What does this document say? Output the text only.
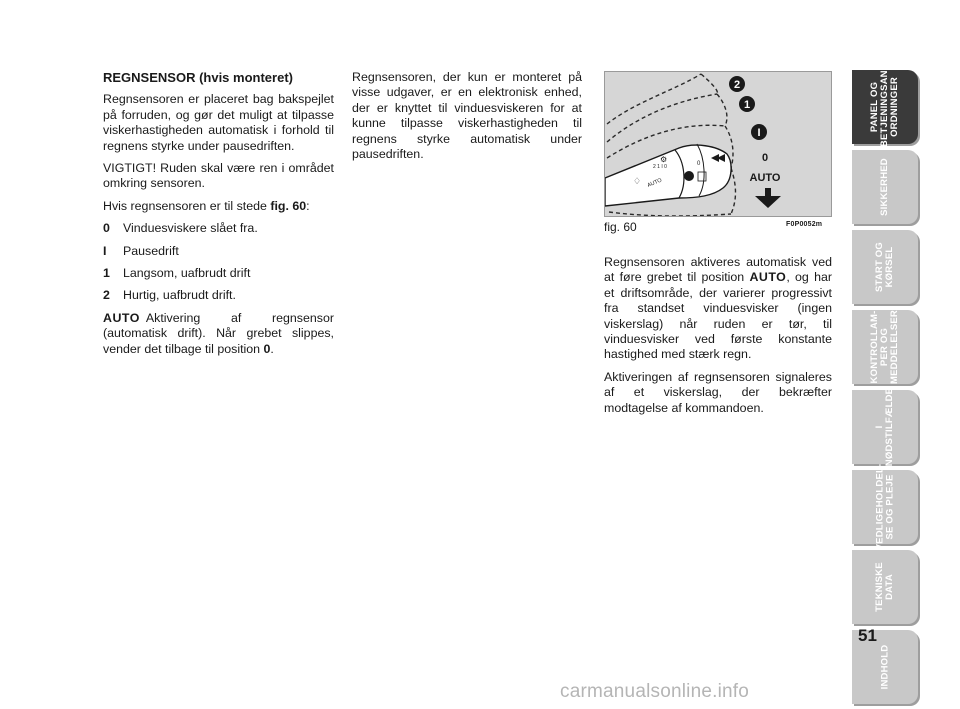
REGNSENSOR (hvis monteret)

Regnsensoren er placeret bag bakspejlet på forruden, og gør det muligt at tilpasse viskerhastigheden automatisk i forhold til regnens styrke under pausedriften.

VIGTIGT! Ruden skal være ren i området omkring sensoren.

Hvis regnsensoren er til stede fig. 60:

0	Vinduesviskere slået fra.
I	Pausedrift
1	Langsom, uafbrudt drift
2	Hurtig, uafbrudt drift.

AUTO Aktivering af regnsensor (automatisk drift). Når grebet slippes, vender det tilbage til position 0.

Regnsensoren, der kun er monteret på visse udgaver, er en elektronisk enhed, der er knyttet til vinduesviskeren for at kunne tilpasse viskerhastigheden til regnens styrke automatisk under pausedriften.

♢ AUTO
2 1 I 0
⚙	0
2
1
I
0
AUTO
fig. 60	F0P0052m

Regnsensoren aktiveres automatisk ved at føre grebet til position AUTO, og har et driftsområde, der varierer progressivt fra standset vinduesvisker (ingen viskerslag) når ruden er tør, til vinduesvisker ved første konstante hastighed med stærk regn.

Aktiveringen af regnsensoren signaleres af et viskerslag, der bekræfter modtagelse af kommandoen.

PANEL OG
BETJENINGSAN-
ORDNINGER
SIKKERHED
START OG
KØRSEL
KONTROLLAM-
PER OG
MEDDELELSER
I
NØDSTILFÆLDE
VEDLIGEHOLDEL-
SE OG PLEJE
TEKNISKE
DATA
INDHOLD
51
carmanualsonline.info
